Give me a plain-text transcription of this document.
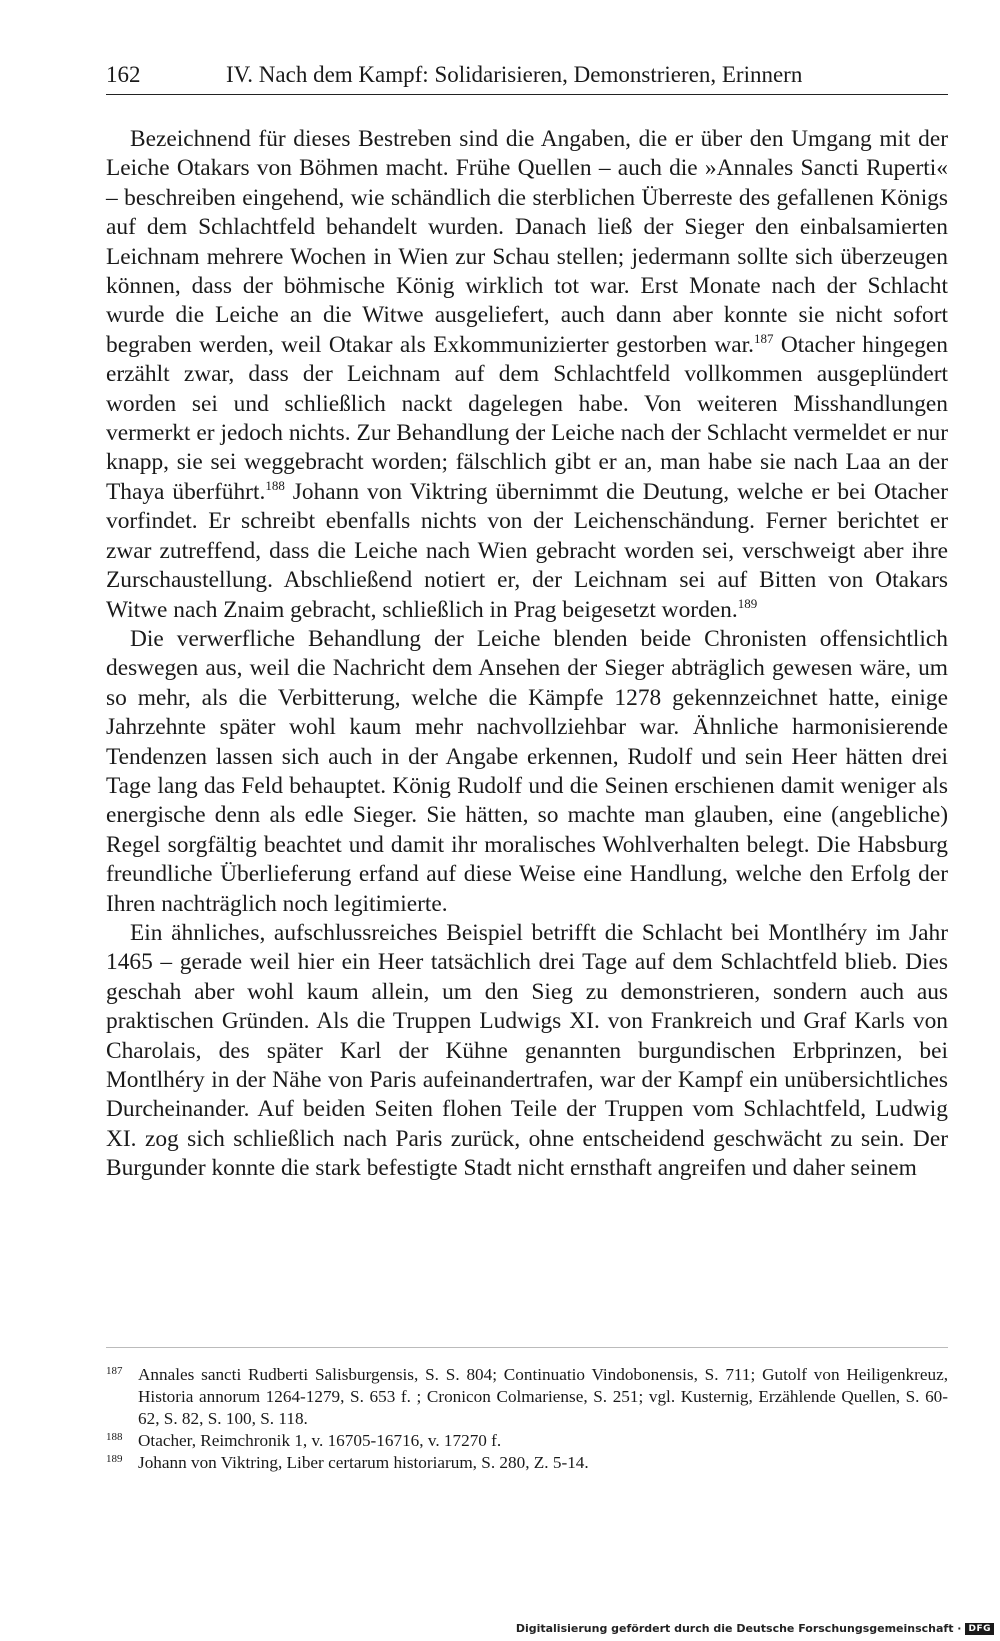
162	IV. Nach dem Kampf: Solidarisieren, Demonstrieren, Erinnern

Bezeichnend für dieses Bestreben sind die Angaben, die er über den Umgang mit der Leiche Otakars von Böhmen macht. Frühe Quellen – auch die »Annales Sancti Ruperti« – beschreiben eingehend, wie schändlich die sterblichen Überreste des gefallenen Königs auf dem Schlachtfeld behandelt wurden. Danach ließ der Sieger den einbalsamierten Leichnam mehrere Wochen in Wien zur Schau stellen; jedermann sollte sich überzeugen können, dass der böhmische König wirklich tot war. Erst Monate nach der Schlacht wurde die Leiche an die Witwe ausgeliefert, auch dann aber konnte sie nicht sofort begraben werden, weil Otakar als Exkommunizierter gestorben war.$^{187}$ Otacher hingegen erzählt zwar, dass der Leichnam auf dem Schlachtfeld vollkommen ausgeplündert worden sei und schließlich nackt dagelegen habe. Von weiteren Misshandlungen vermerkt er jedoch nichts. Zur Behandlung der Leiche nach der Schlacht vermeldet er nur knapp, sie sei weggebracht worden; fälschlich gibt er an, man habe sie nach Laa an der Thaya überführt.$^{188}$ Johann von Viktring übernimmt die Deutung, welche er bei Otacher vorfindet. Er schreibt ebenfalls nichts von der Leichenschändung. Ferner berichtet er zwar zutreffend, dass die Leiche nach Wien gebracht worden sei, verschweigt aber ihre Zurschaustellung. Abschließend notiert er, der Leichnam sei auf Bitten von Otakars Witwe nach Znaim gebracht, schließlich in Prag beigesetzt worden.$^{189}$

Die verwerfliche Behandlung der Leiche blenden beide Chronisten offensichtlich deswegen aus, weil die Nachricht dem Ansehen der Sieger abträglich gewesen wäre, um so mehr, als die Verbitterung, welche die Kämpfe 1278 gekennzeichnet hatte, einige Jahrzehnte später wohl kaum mehr nachvollziehbar war. Ähnliche harmonisierende Tendenzen lassen sich auch in der Angabe erkennen, Rudolf und sein Heer hätten drei Tage lang das Feld behauptet. König Rudolf und die Seinen erschienen damit weniger als energische denn als edle Sieger. Sie hätten, so machte man glauben, eine (angebliche) Regel sorgfältig beachtet und damit ihr moralisches Wohlverhalten belegt. Die Habsburg freundliche Überlieferung erfand auf diese Weise eine Handlung, welche den Erfolg der Ihren nachträglich noch legitimierte.

Ein ähnliches, aufschlussreiches Beispiel betrifft die Schlacht bei Montlhéry im Jahr 1465 – gerade weil hier ein Heer tatsächlich drei Tage auf dem Schlachtfeld blieb. Dies geschah aber wohl kaum allein, um den Sieg zu demonstrieren, sondern auch aus praktischen Gründen. Als die Truppen Ludwigs XI. von Frankreich und Graf Karls von Charolais, des später Karl der Kühne genannten burgundischen Erbprinzen, bei Montlhéry in der Nähe von Paris aufeinandertrafen, war der Kampf ein unübersichtliches Durcheinander. Auf beiden Seiten flohen Teile der Truppen vom Schlachtfeld, Ludwig XI. zog sich schließlich nach Paris zurück, ohne entscheidend geschwächt zu sein. Der Burgunder konnte die stark befestigte Stadt nicht ernsthaft angreifen und daher seinem

187 Annales sancti Rudberti Salisburgensis, S. S. 804; Continuatio Vindobonensis, S. 711; Gutolf von Heiligenkreuz, Historia annorum 1264-1279, S. 653 f. ; Cronicon Colmariense, S. 251; vgl. Kusternig, Erzählende Quellen, S. 60-62, S. 82, S. 100, S. 118.
188 Otacher, Reimchronik 1, v. 16705-16716, v. 17270 f.
189 Johann von Viktring, Liber certarum historiarum, S. 280, Z. 5-14.
Digitalisierung gefördert durch die Deutsche Forschungsgemeinschaft · DFG
